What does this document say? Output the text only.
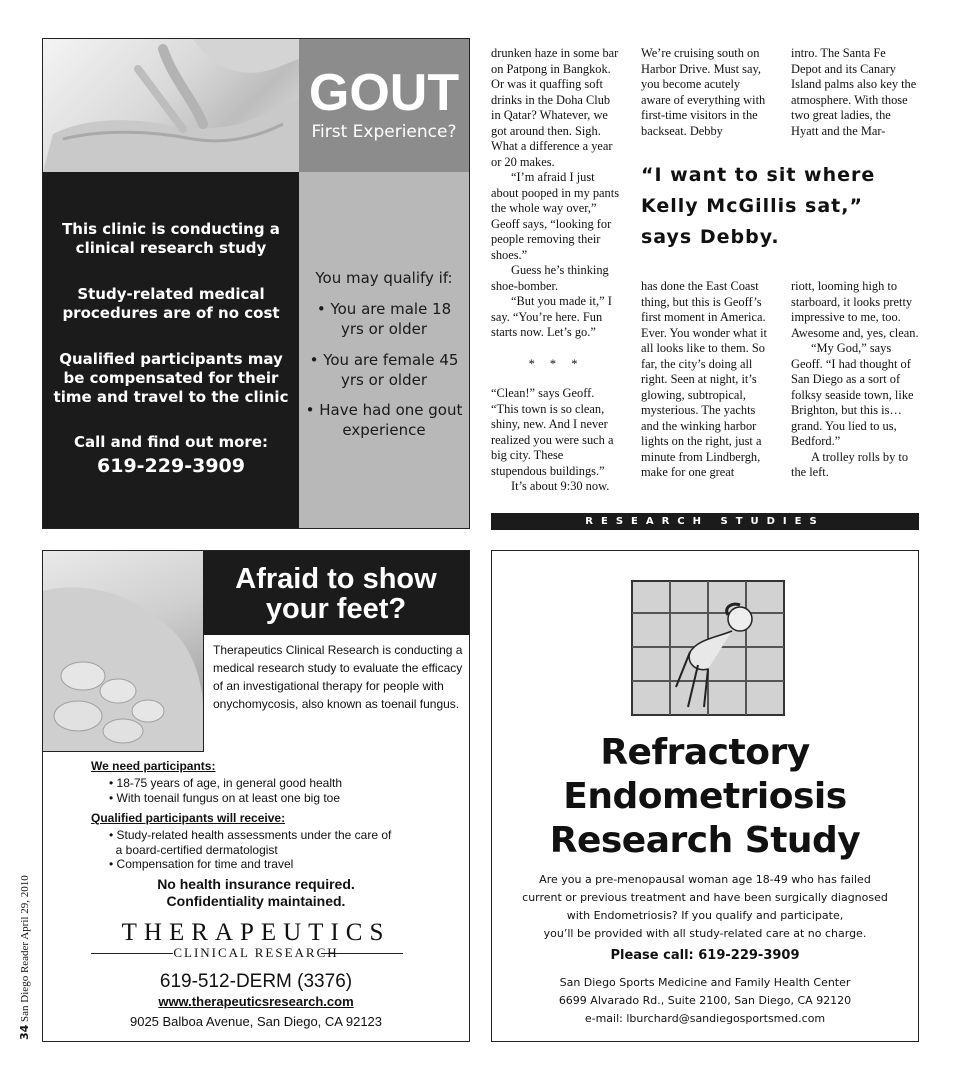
GOUT
First Experience?

This clinic is conducting a clinical research study

Study-related medical procedures are of no cost

Qualified participants may be compensated for their time and travel to the clinic

Call and find out more:

619-229-3909

You may qualify if:

• You are male 18 yrs or older

• You are female 45 yrs or older

• Have had one gout experience

drunken haze in some bar on Patpong in Bangkok. Or was it quaffing soft drinks in the Doha Club in Qatar? Whatever, we got around then. Sigh. What a difference a year or 20 makes.

“I’m afraid I just about pooped in my pants the whole way over,” Geoff says, “looking for people removing their shoes.”

Guess he’s thinking shoe-bomber.

“But you made it,” I say. “You’re here. Fun starts now. Let’s go.”

* * *

“Clean!” says Geoff. “This town is so clean, shiny, new. And I never realized you were such a big city. These stupendous buildings.”

It’s about 9:30 now.

We’re cruising south on Harbor Drive. Must say, you become acutely aware of everything with first-time visitors in the backseat. Debby

intro. The Santa Fe Depot and its Canary Island palms also key the atmosphere. With those two great ladies, the Hyatt and the Mar-

“I want to sit where Kelly McGillis sat,” says Debby.

has done the East Coast thing, but this is Geoff’s first moment in America. Ever. You wonder what it all looks like to them. So far, the city’s doing all right. Seen at night, it’s glowing, subtropical, mysterious. The yachts and the winking harbor lights on the right, just a minute from Lindbergh, make for one great

riott, looming high to starboard, it looks pretty impressive to me, too. Awesome and, yes, clean.

“My God,” says Geoff. “I had thought of San Diego as a sort of folksy seaside town, like Brighton, but this is…grand. You lied to us, Bedford.”

A trolley rolls by to the left.

RESEARCH STUDIES
Afraid to show your feet?
Therapeutics Clinical Research is conducting a medical research study to evaluate the efficacy of an investigational therapy for people with onychomycosis, also known as toenail fungus.
We need participants:
• 18-75 years of age, in general good health
• With toenail fungus on at least one big toe
Qualified participants will receive:
• Study-related health assessments under the care of
a board-certified dermatologist
• Compensation for time and travel
No health insurance required.
Confidentiality maintained.
THERAPEUTICS
CLINICAL RESEARCH
619-512-DERM (3376)
www.therapeuticsresearch.com
9025 Balboa Avenue, San Diego, CA 92123
Refractory
Endometriosis
Research Study
Are you a pre-menopausal woman age 18-49 who has failed
current or previous treatment and have been surgically diagnosed
with Endometriosis? If you qualify and participate,
you’ll be provided with all study-related care at no charge.
Please call: 619-229-3909
San Diego Sports Medicine and Family Health Center
6699 Alvarado Rd., Suite 2100, San Diego, CA 92120
e-mail: lburchard@sandiegosportsmed.com
34 San Diego Reader April 29, 2010
